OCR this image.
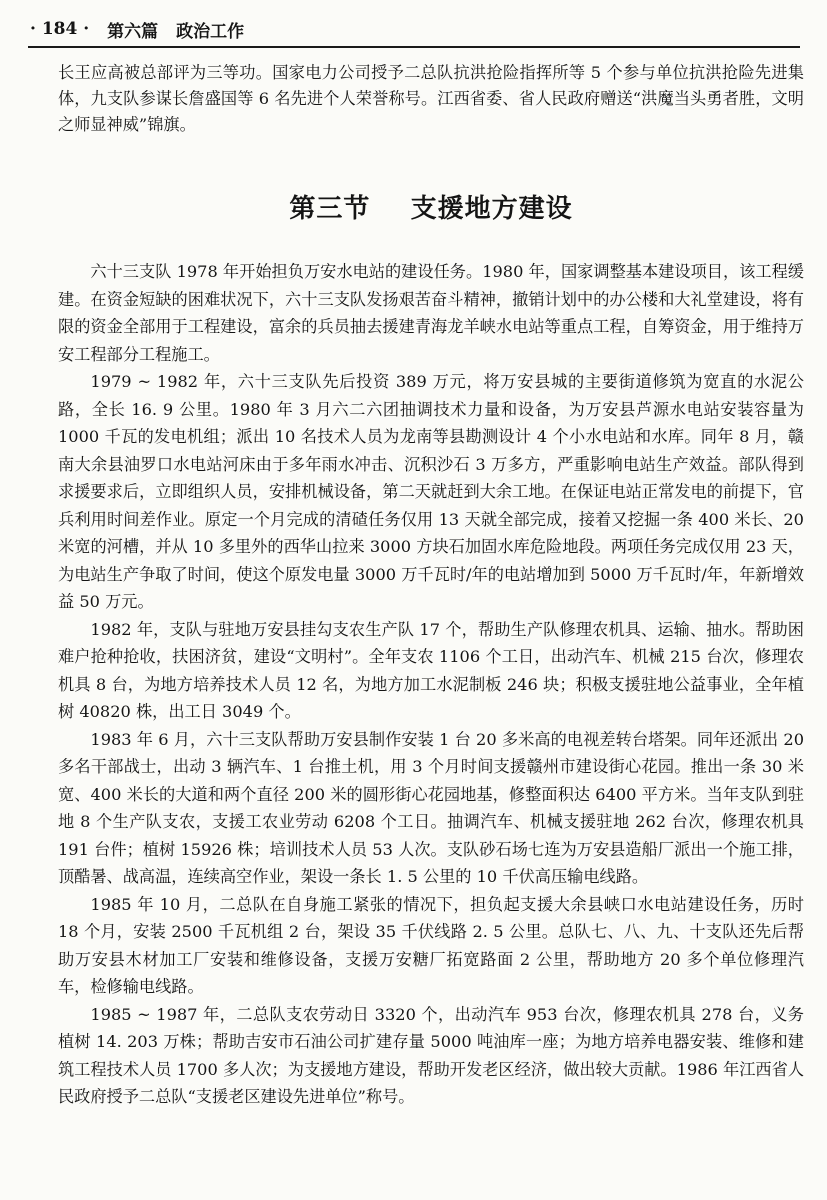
· 184 · 第六篇 政治工作

长王应高被总部评为三等功。国家电力公司授予二总队抗洪抢险指挥所等 5 个参与单位抗洪抢险先进集体，九支队参谋长詹盛国等 6 名先进个人荣誉称号。江西省委、省人民政府赠送“洪魔当头勇者胜，文明之师显神威”锦旗。

第三节    支援地方建设

六十三支队 1978 年开始担负万安水电站的建设任务。1980 年，国家调整基本建设项目，该工程缓建。在资金短缺的困难状况下，六十三支队发扬艰苦奋斗精神，撤销计划中的办公楼和大礼堂建设，将有限的资金全部用于工程建设，富余的兵员抽去援建青海龙羊峡水电站等重点工程，自筹资金，用于维持万安工程部分工程施工。

1979 ~ 1982 年，六十三支队先后投资 389 万元，将万安县城的主要街道修筑为宽直的水泥公路，全长 16. 9 公里。1980 年 3 月六二六团抽调技术力量和设备，为万安县芦源水电站安装容量为 1000 千瓦的发电机组；派出 10 名技术人员为龙南等县勘测设计 4 个小水电站和水库。同年 8 月，赣南大余县油罗口水电站河床由于多年雨水冲击、沉积沙石 3 万多方，严重影响电站生产效益。部队得到求援要求后，立即组织人员，安排机械设备，第二天就赶到大余工地。在保证电站正常发电的前提下，官兵利用时间差作业。原定一个月完成的清碴任务仅用 13 天就全部完成，接着又挖掘一条 400 米长、20 米宽的河槽，并从 10 多里外的西华山拉来 3000 方块石加固水库危险地段。两项任务完成仅用 23 天，为电站生产争取了时间，使这个原发电量 3000 万千瓦时/年的电站增加到 5000 万千瓦时/年，年新增效益 50 万元。

1982 年，支队与驻地万安县挂勾支农生产队 17 个，帮助生产队修理农机具、运输、抽水。帮助困难户抢种抢收，扶困济贫，建设“文明村”。全年支农 1106 个工日，出动汽车、机械 215 台次，修理农机具 8 台，为地方培养技术人员 12 名，为地方加工水泥制板 246 块；积极支援驻地公益事业，全年植树 40820 株，出工日 3049 个。

1983 年 6 月，六十三支队帮助万安县制作安装 1 台 20 多米高的电视差转台塔架。同年还派出 20 多名干部战士，出动 3 辆汽车、1 台推土机，用 3 个月时间支援赣州市建设街心花园。推出一条 30 米宽、400 米长的大道和两个直径 200 米的圆形街心花园地基，修整面积达 6400 平方米。当年支队到驻地 8 个生产队支农，支援工农业劳动 6208 个工日。抽调汽车、机械支援驻地 262 台次，修理农机具 191 台件；植树 15926 株；培训技术人员 53 人次。支队砂石场七连为万安县造船厂派出一个施工排，顶酷暑、战高温，连续高空作业，架设一条长 1. 5 公里的 10 千伏高压输电线路。

1985 年 10 月，二总队在自身施工紧张的情况下，担负起支援大余县峡口水电站建设任务，历时 18 个月，安装 2500 千瓦机组 2 台，架设 35 千伏线路 2. 5 公里。总队七、八、九、十支队还先后帮助万安县木材加工厂安装和维修设备，支援万安糖厂拓宽路面 2 公里，帮助地方 20 多个单位修理汽车，检修输电线路。

1985 ~ 1987 年，二总队支农劳动日 3320 个，出动汽车 953 台次，修理农机具 278 台，义务植树 14. 203 万株；帮助吉安市石油公司扩建存量 5000 吨油库一座；为地方培养电器安装、维修和建筑工程技术人员 1700 多人次；为支援地方建设，帮助开发老区经济，做出较大贡献。1986 年江西省人民政府授予二总队“支援老区建设先进单位”称号。
